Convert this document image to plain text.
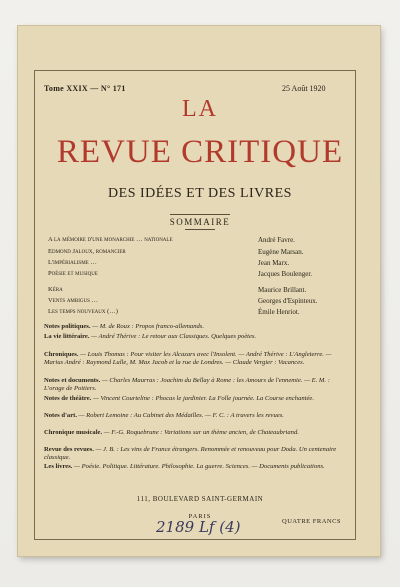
Tome XXIX — N° 171	25 Août 1920
LA
REVUE CRITIQUE
DES IDÉES ET DES LIVRES
SOMMAIRE
A la mémoire d'une monarchie … nationale	André Favre.
Edmond Jaloux, romancier	Eugène Marsan.
L'impérialisme …	Jean Marx.
Poésie et musique	Jacques Boulenger.
Kéra	Maurice Brillant.
Vents ambigus …	Georges d'Espinteux.
Les temps nouveaux (…)	Émile Henriot.
Notes politiques. — M. de Roux : Propos franco-allemands.
La vie littéraire. — André Thérive : Le retour aux Classiques. Quelques poètes.
Chroniques. — Louis Thomas : Pour visiter les Alcazars avec l'Insolent. — André Thérive : L'Angleterre. — Marius André : Raymond Lulle, M. Max Jacob et la rue de Londres. — Claude Vergier : Vacances.
Notes et documents. — Charles Maurras : Joachim du Bellay à Rome : les Amours de l'ennemie. — E. M. : L'orage de Poitiers.
Notes de théâtre. — Vincent Courteline : Phocas le jardinier. La Folle journée. La Course enchantée.
Notes d'art. — Robert Lemoine : Au Cabinet des Médailles. — F. C. : A travers les revues.
Chronique musicale. — F.-G. Roquebrune : Variations sur un thème ancien, de Chateaubriand.
Revue des revues. — J. B. : Les vins de France étrangers. Renommée et renouveau pour Doda. Un centenaire classique.
Les livres. — Poésie. Politique. Littérature. Philosophie. La guerre. Sciences. — Documents publications.
111, BOULEVARD SAINT-GERMAIN
PARIS
QUATRE FRANCS
2189 Lf (4)
